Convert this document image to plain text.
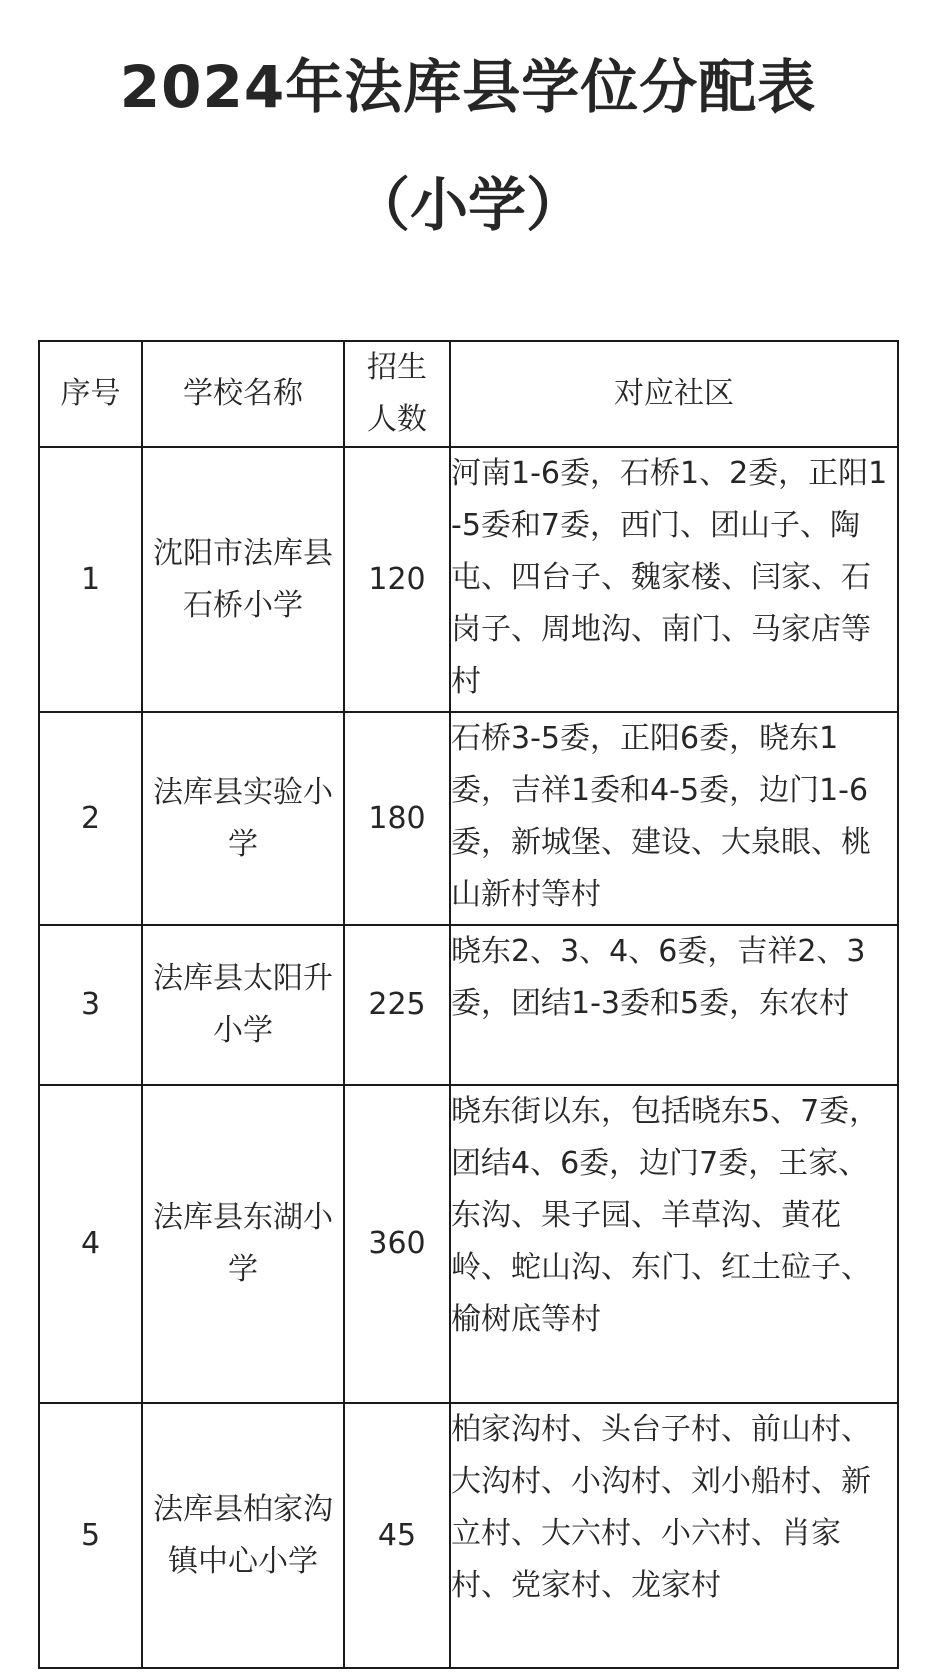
2024年法库县学位分配表
（小学）
序号	学校名称	招生人数	对应社区
1	沈阳市法库县石桥小学	120	河南1-6委，石桥1、2委，正阳1-5委和7委，西门、团山子、陶屯、四台子、魏家楼、闫家、石岗子、周地沟、南门、马家店等村

2	法库县实验小学	180	石桥3-5委，正阳6委，晓东1委，吉祥1委和4-5委，边门1-6委，新城堡、建设、大泉眼、桃山新村等村

3	法库县太阳升小学	225	晓东2、3、4、6委，吉祥2、3委，团结1-3委和5委，东农村

4	法库县东湖小学	360	晓东街以东，包括晓东5、7委，团结4、6委，边门7委，王家、东沟、果子园、羊草沟、黄花岭、蛇山沟、东门、红土砬子、榆树底等村

5	法库县柏家沟镇中心小学	45	柏家沟村、头台子村、前山村、大沟村、小沟村、刘小船村、新立村、大六村、小六村、肖家村、党家村、龙家村
